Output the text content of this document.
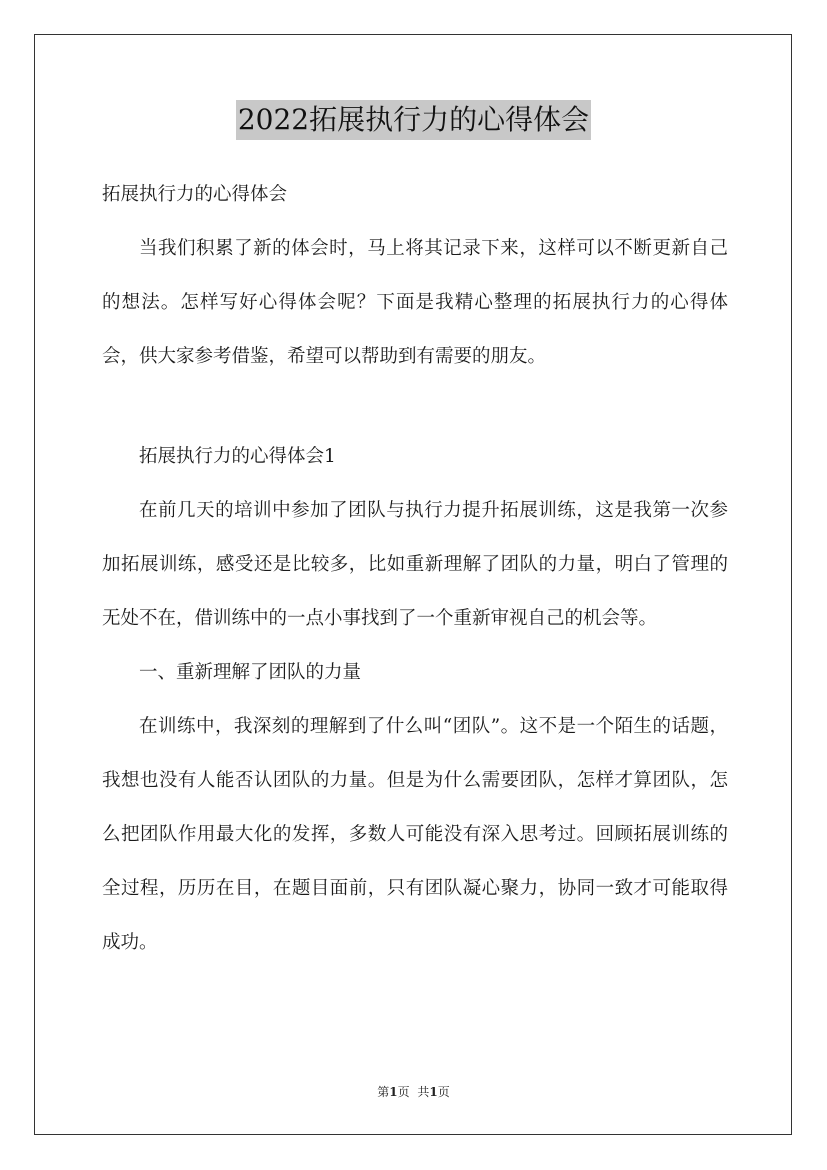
2022拓展执行力的心得体会

拓展执行力的心得体会

当我们积累了新的体会时，马上将其记录下来，这样可以不断更新自己的想法。怎样写好心得体会呢？下面是我精心整理的拓展执行力的心得体会，供大家参考借鉴，希望可以帮助到有需要的朋友。

拓展执行力的心得体会1

在前几天的培训中参加了团队与执行力提升拓展训练，这是我第一次参加拓展训练，感受还是比较多，比如重新理解了团队的力量，明白了管理的无处不在，借训练中的一点小事找到了一个重新审视自己的机会等。

一、重新理解了团队的力量

在训练中，我深刻的理解到了什么叫“团队”。这不是一个陌生的话题，我想也没有人能否认团队的力量。但是为什么需要团队，怎样才算团队，怎么把团队作用最大化的发挥，多数人可能没有深入思考过。回顾拓展训练的全过程，历历在目，在题目面前，只有团队凝心聚力，协同一致才可能取得成功。

第1页 共1页
